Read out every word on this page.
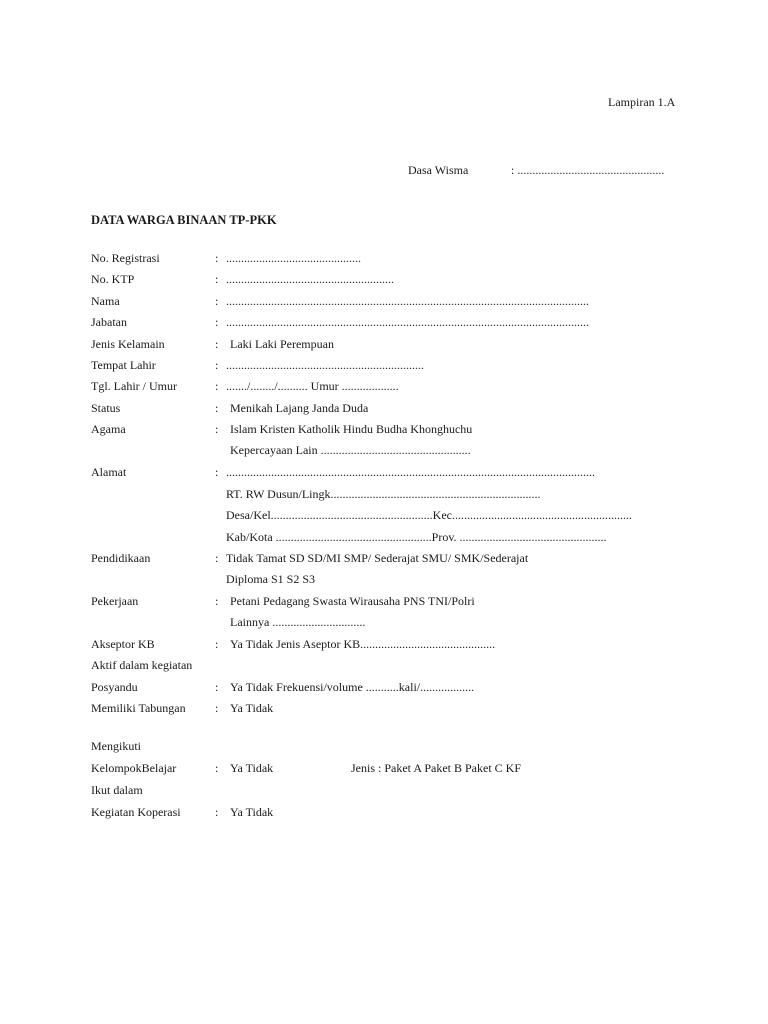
Lampiran 1.A
Dasa Wisma	: .................................................
DATA WARGA BINAAN TP-PKK
No. Registrasi	: .............................................
No. KTP	: ........................................................
Nama	: .........................................................................................................................
Jabatan	: .........................................................................................................................
Jenis Kelamain	: Laki Laki Perempuan
Tempat Lahir	: ..................................................................
Tgl. Lahir / Umur	: ......./......../.......... Umur ...................
Status	: Menikah Lajang Janda Duda
Agama	: Islam Kristen Katholik Hindu Budha Khonghuchu
Kepercayaan Lain ..................................................
Alamat	: ...........................................................................................................................
RT. RW Dusun/Lingk......................................................................
Desa/Kel......................................................Kec............................................................
Kab/Kota ....................................................Prov. .................................................
Pendidikaan	: Tidak Tamat SD SD/MI SMP/ Sederajat SMU/ SMK/Sederajat
Diploma S1 S2 S3
Pekerjaan	: Petani Pedagang Swasta Wirausaha PNS TNI/Polri
Lainnya ...............................
Akseptor KB	: Ya Tidak Jenis Aseptor KB.............................................
Aktif dalam kegiatan
Posyandu	: Ya Tidak Frekuensi/volume ...........kali/..................
Memiliki Tabungan : Ya Tidak
Mengikuti
KelompokBelajar	: Ya Tidak	Jenis : Paket A Paket B Paket C KF
Ikut dalam
Kegiatan Koperasi	: Ya Tidak
